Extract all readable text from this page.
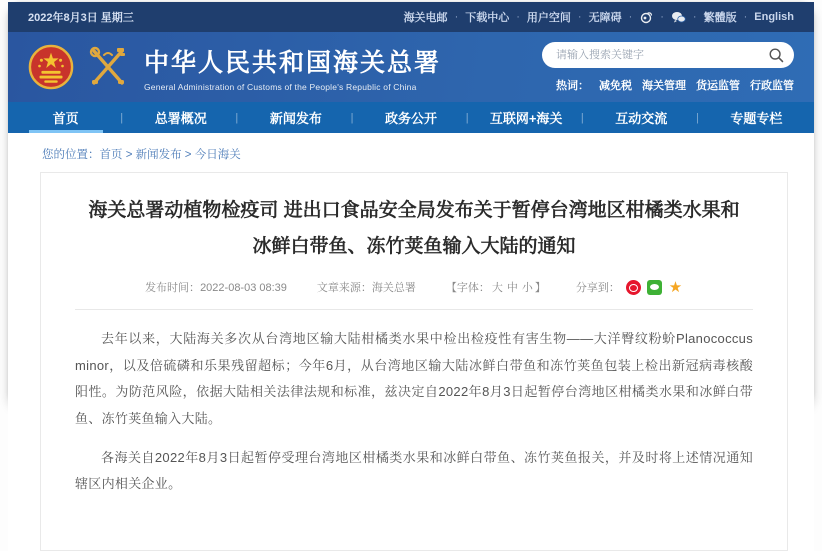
2022年8月3日 星期三	海关电邮 ·	下载中心 ·	用户空间 ·	无障碍 · · ·	繁體版 ·	English
中华人民共和国海关总署
General Administration of Customs of the People's Republic of China
请输入搜索关键字	热词： 减免税 海关管理 货运监管 行政监管
首页 |	总署概况 |	新闻发布 |	政务公开 |	互联网+海关 |	互动交流 |	专题专栏
您的位置：首页 > 新闻发布 > 今日海关
海关总署动植物检疫司 进出口食品安全局发布关于暂停台湾地区柑橘类水果和冰鲜白带鱼、冻竹荚鱼输入大陆的通知
发布时间：2022-08-03 08:39	文章来源：海关总署	【字体： 大 中 小 】	分享到：	★

去年以来，大陆海关多次从台湾地区输大陆柑橘类水果中检出检疫性有害生物——大洋臀纹粉蚧Planococcus minor，以及倍硫磷和乐果残留超标；今年6月，从台湾地区输大陆冰鲜白带鱼和冻竹荚鱼包装上检出新冠病毒核酸阳性。为防范风险，依据大陆相关法律法规和标准，兹决定自2022年8月3日起暂停台湾地区柑橘类水果和冰鲜白带鱼、冻竹荚鱼输入大陆。

各海关自2022年8月3日起暂停受理台湾地区柑橘类水果和冰鲜白带鱼、冻竹荚鱼报关，并及时将上述情况通知辖区内相关企业。
